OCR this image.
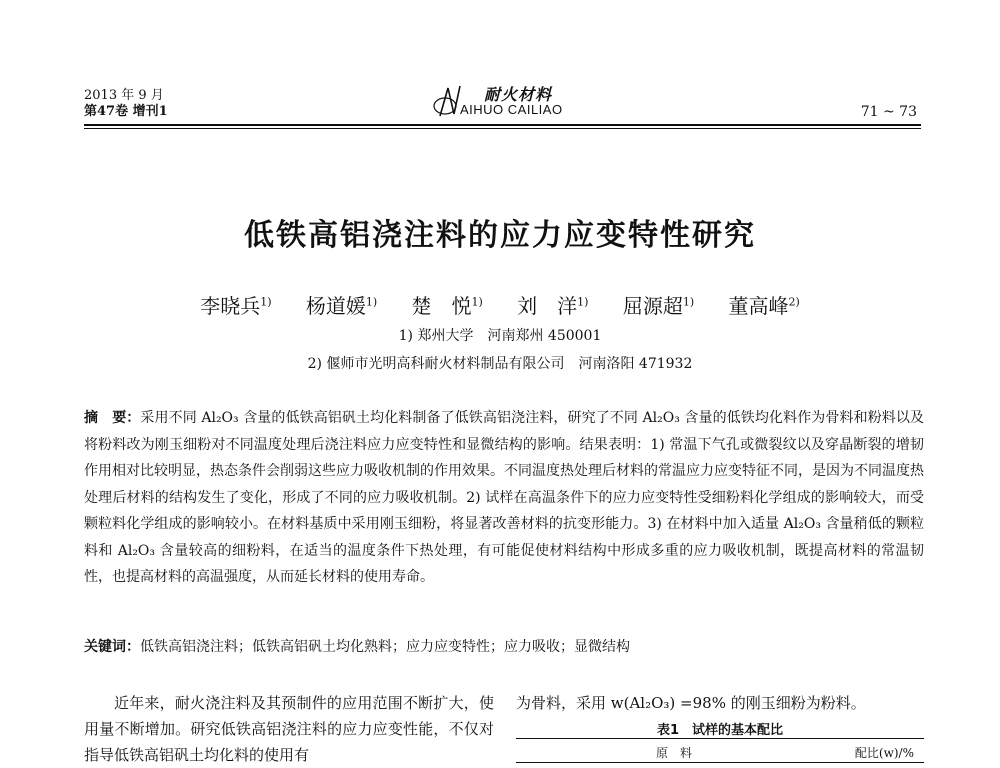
2013 年 9 月
第47卷 增刊1
耐火材料
AIHUO CAILIAO	71 ~ 73
低铁高铝浇注料的应力应变特性研究
李晓兵$^{1)}$ 杨道媛$^{1)}$ 楚　悦$^{1)}$ 刘　洋$^{1)}$ 屈源超$^{1)}$ 董高峰$^{2)}$
1) 郑州大学　河南郑州 450001
2) 偃师市光明高科耐火材料制品有限公司　河南洛阳 471932
摘　要：采用不同 Al₂O₃ 含量的低铁高铝矾土均化料制备了低铁高铝浇注料，研究了不同 Al₂O₃ 含量的低铁均化料作为骨料和粉料以及将粉料改为刚玉细粉对不同温度处理后浇注料应力应变特性和显微结构的影响。结果表明：1) 常温下气孔或微裂纹以及穿晶断裂的增韧作用相对比较明显，热态条件会削弱这些应力吸收机制的作用效果。不同温度热处理后材料的常温应力应变特征不同，是因为不同温度热处理后材料的结构发生了变化，形成了不同的应力吸收机制。2) 试样在高温条件下的应力应变特性受细粉料化学组成的影响较大，而受颗粒料化学组成的影响较小。在材料基质中采用刚玉细粉，将显著改善材料的抗变形能力。3) 在材料中加入适量 Al₂O₃ 含量稍低的颗粒料和 Al₂O₃ 含量较高的细粉料，在适当的温度条件下热处理，有可能促使材料结构中形成多重的应力吸收机制，既提高材料的常温韧性，也提高材料的高温强度，从而延长材料的使用寿命。
关键词：低铁高铝浇注料；低铁高铝矾土均化熟料；应力应变特性；应力吸收；显微结构
近年来，耐火浇注料及其预制件的应用范围不断扩大，使用量不断增加。研究低铁高铝浇注料的应力应变性能，不仅对指导低铁高铝矾土均化料的使用有
为骨料，采用 w(Al₂O₃) =98% 的刚玉细粉为粉料。
表1　试样的基本配比
原　料	配比(w)/%
